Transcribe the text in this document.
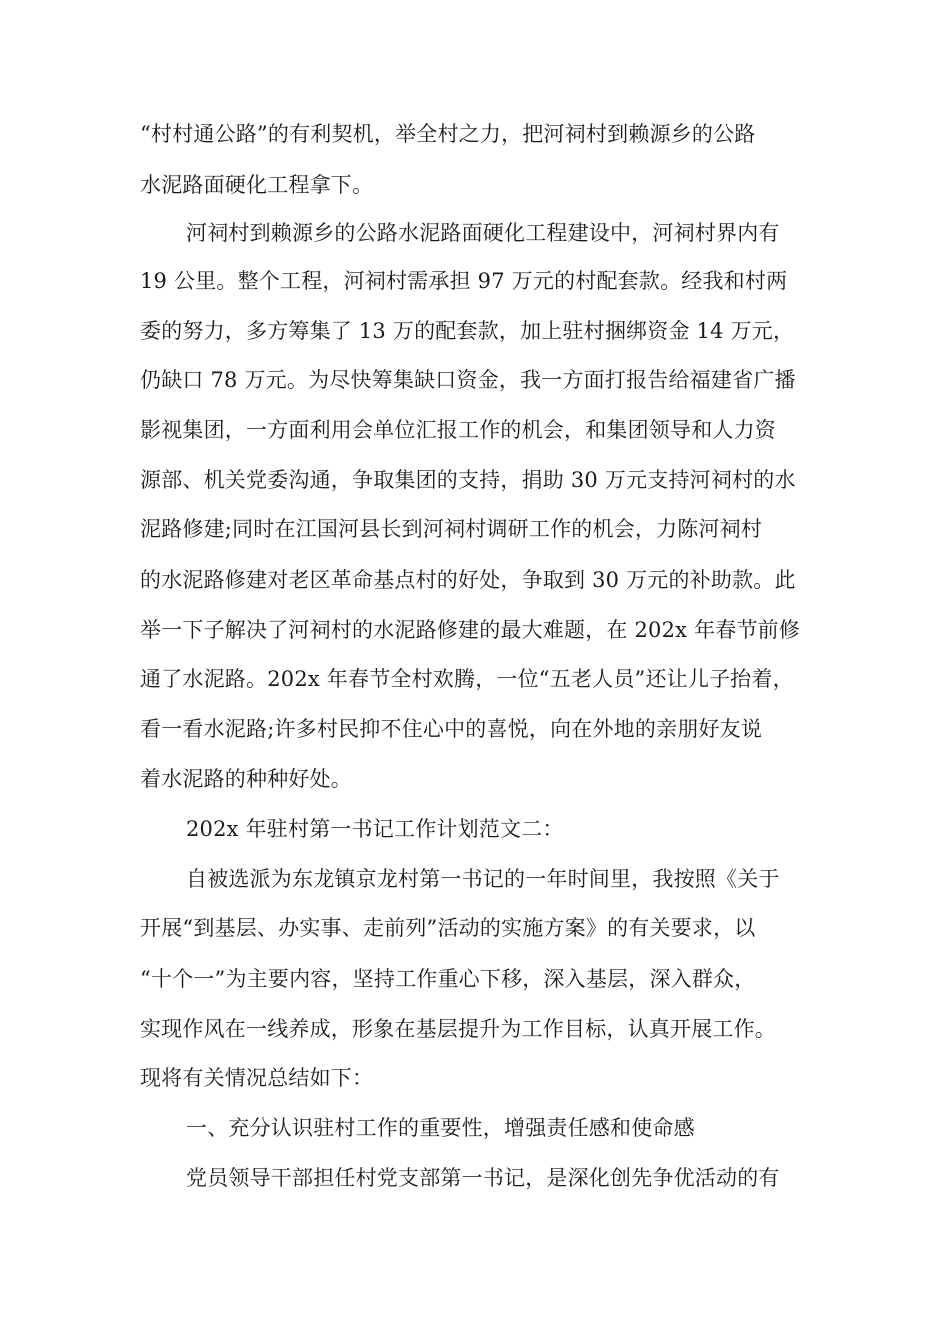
“村村通公路”的有利契机，举全村之力，把河祠村到赖源乡的公路
水泥路面硬化工程拿下。
河祠村到赖源乡的公路水泥路面硬化工程建设中，河祠村界内有
19 公里。整个工程，河祠村需承担 97 万元的村配套款。经我和村两
委的努力，多方筹集了 13 万的配套款，加上驻村捆绑资金 14 万元，
仍缺口 78 万元。为尽快筹集缺口资金，我一方面打报告给福建省广播
影视集团，一方面利用会单位汇报工作的机会，和集团领导和人力资
源部、机关党委沟通，争取集团的支持，捐助 30 万元支持河祠村的水
泥路修建;同时在江国河县长到河祠村调研工作的机会，力陈河祠村
的水泥路修建对老区革命基点村的好处，争取到 30 万元的补助款。此
举一下子解决了河祠村的水泥路修建的最大难题，在 202x 年春节前修
通了水泥路。202x 年春节全村欢腾，一位“五老人员”还让儿子抬着，
看一看水泥路;许多村民抑不住心中的喜悦，向在外地的亲朋好友说
着水泥路的种种好处。
202x 年驻村第一书记工作计划范文二：
自被选派为东龙镇京龙村第一书记的一年时间里，我按照《关于
开展“到基层、办实事、走前列”活动的实施方案》的有关要求，以
“十个一”为主要内容，坚持工作重心下移，深入基层，深入群众，
实现作风在一线养成，形象在基层提升为工作目标，认真开展工作。
现将有关情况总结如下：
一、充分认识驻村工作的重要性，增强责任感和使命感
党员领导干部担任村党支部第一书记，是深化创先争优活动的有
